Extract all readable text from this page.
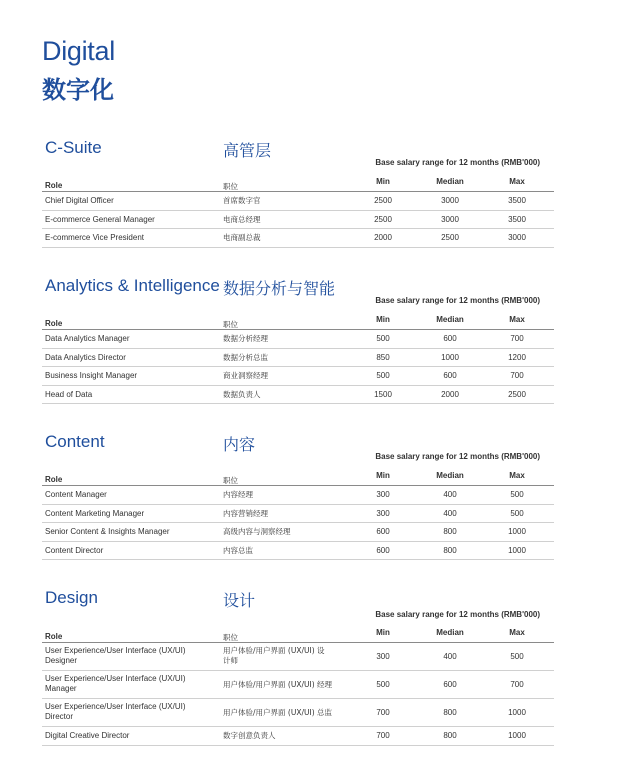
Digital
数字化
C-Suite	高管层
Base salary range for 12 months (RMB'000)
Role	职位
Min	Median	Max
Chief Digital Officer	首席数字官	2500	3000	3500
E-commerce General Manager	电商总经理	2500	3000	3500
E-commerce Vice President	电商副总裁	2000	2500	3000
Analytics & Intelligence 数据分析与智能
Base salary range for 12 months (RMB'000)
Role	职位
Min	Median	Max
Data Analytics Manager	数据分析经理	500	600	700
Data Analytics Director	数据分析总监	850	1000	1200
Business Insight Manager	商业洞察经理	500	600	700
Head of Data	数据负责人	1500	2000	2500
Content	内容
Base salary range for 12 months (RMB'000)
Role	职位
Min	Median	Max
Content Manager	内容经理	300	400	500
Content Marketing Manager	内容营销经理	300	400	500
Senior Content & Insights Manager	高级内容与洞察经理	600	800	1000
Content Director	内容总监	600	800	1000
Design	设计
Base salary range for 12 months (RMB'000)
Role	职位
Min	Median	Max
User Experience/User Interface (UX/UI) Designer
用户体验/用户界面 (UX/UI) 设计师	300	400	500
User Experience/User Interface (UX/UI) Manager	用户体验/用户界面 (UX/UI) 经理	500	600	700
User Experience/User Interface (UX/UI) Director	用户体验/用户界面 (UX/UI) 总监	700	800	1000
Digital Creative Director	数字创意负责人	700	800	1000
